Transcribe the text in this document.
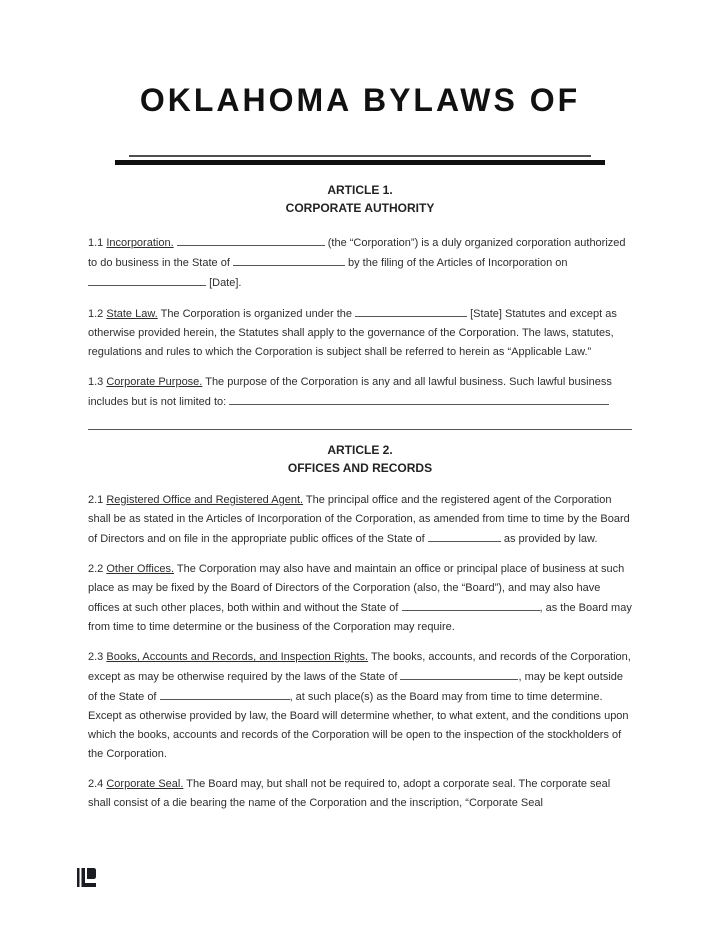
OKLAHOMA BYLAWS OF
ARTICLE 1.
CORPORATE AUTHORITY

1.1 Incorporation.	(the “Corporation”) is a duly organized corporation authorized to do business in the State of	by the filing of the Articles of Incorporation on  [Date].

1.2 State Law. The Corporation is organized under the	[State] Statutes and except as otherwise provided herein, the Statutes shall apply to the governance of the Corporation. The laws, statutes, regulations and rules to which the Corporation is subject shall be referred to herein as “Applicable Law.”

1.3 Corporate Purpose. The purpose of the Corporation is any and all lawful business. Such lawful business includes but is not limited to:

ARTICLE 2.
OFFICES AND RECORDS

2.1 Registered Office and Registered Agent. The principal office and the registered agent of the Corporation shall be as stated in the Articles of Incorporation of the Corporation, as amended from time to time by the Board of Directors and on file in the appropriate public offices of the State of	as provided by law.

2.2 Other Offices. The Corporation may also have and maintain an office or principal place of business at such place as may be fixed by the Board of Directors of the Corporation (also, the “Board”), and may also have offices at such other places, both within and without the State of	, as the Board may from time to time determine or the business of the Corporation may require.

2.3 Books, Accounts and Records, and Inspection Rights. The books, accounts, and records of the Corporation, except as may be otherwise required by the laws of the State of	, may be kept outside of the State of	, at such place(s) as the Board may from time to time determine. Except as otherwise provided by law, the Board will determine whether, to what extent, and the conditions upon which the books, accounts and records of the Corporation will be open to the inspection of the stockholders of the Corporation.

2.4 Corporate Seal. The Board may, but shall not be required to, adopt a corporate seal. The corporate seal shall consist of a die bearing the name of the Corporation and the inscription, “Corporate Seal
